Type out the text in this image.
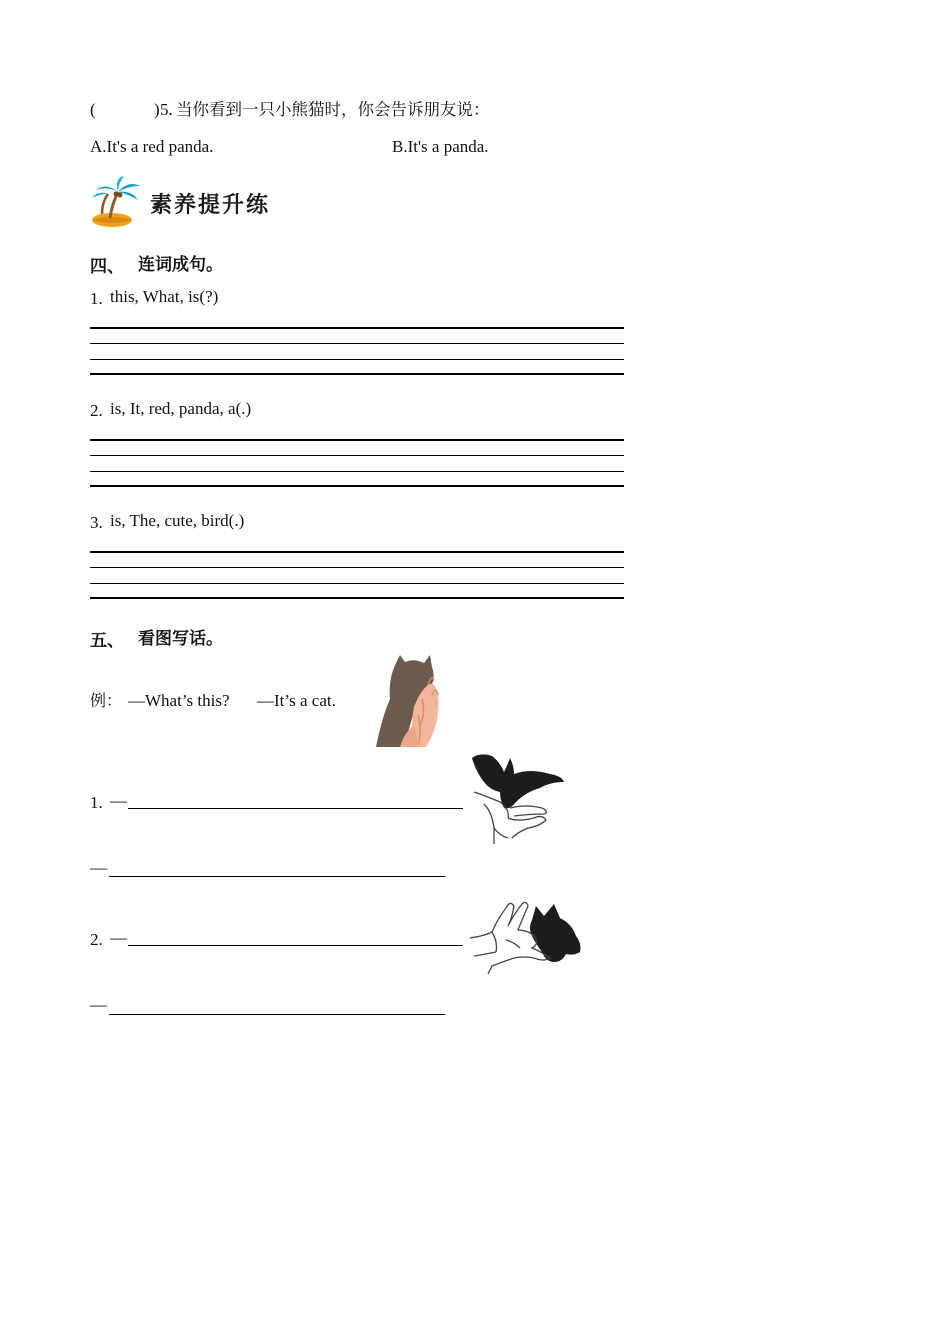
(	) 5. 当你看到一只小熊猫时，你会告诉朋友说：
A.It's a red panda.	B.It's a panda.
素养提升练
四、 连词成句。
1. this, What, is(?)
2. is, It, red, panda, a(.)
3. is, The, cute, bird(.)
五、 看图写话。
例： —What’s this? —It’s a cat.
1. —
—
2. —
—
